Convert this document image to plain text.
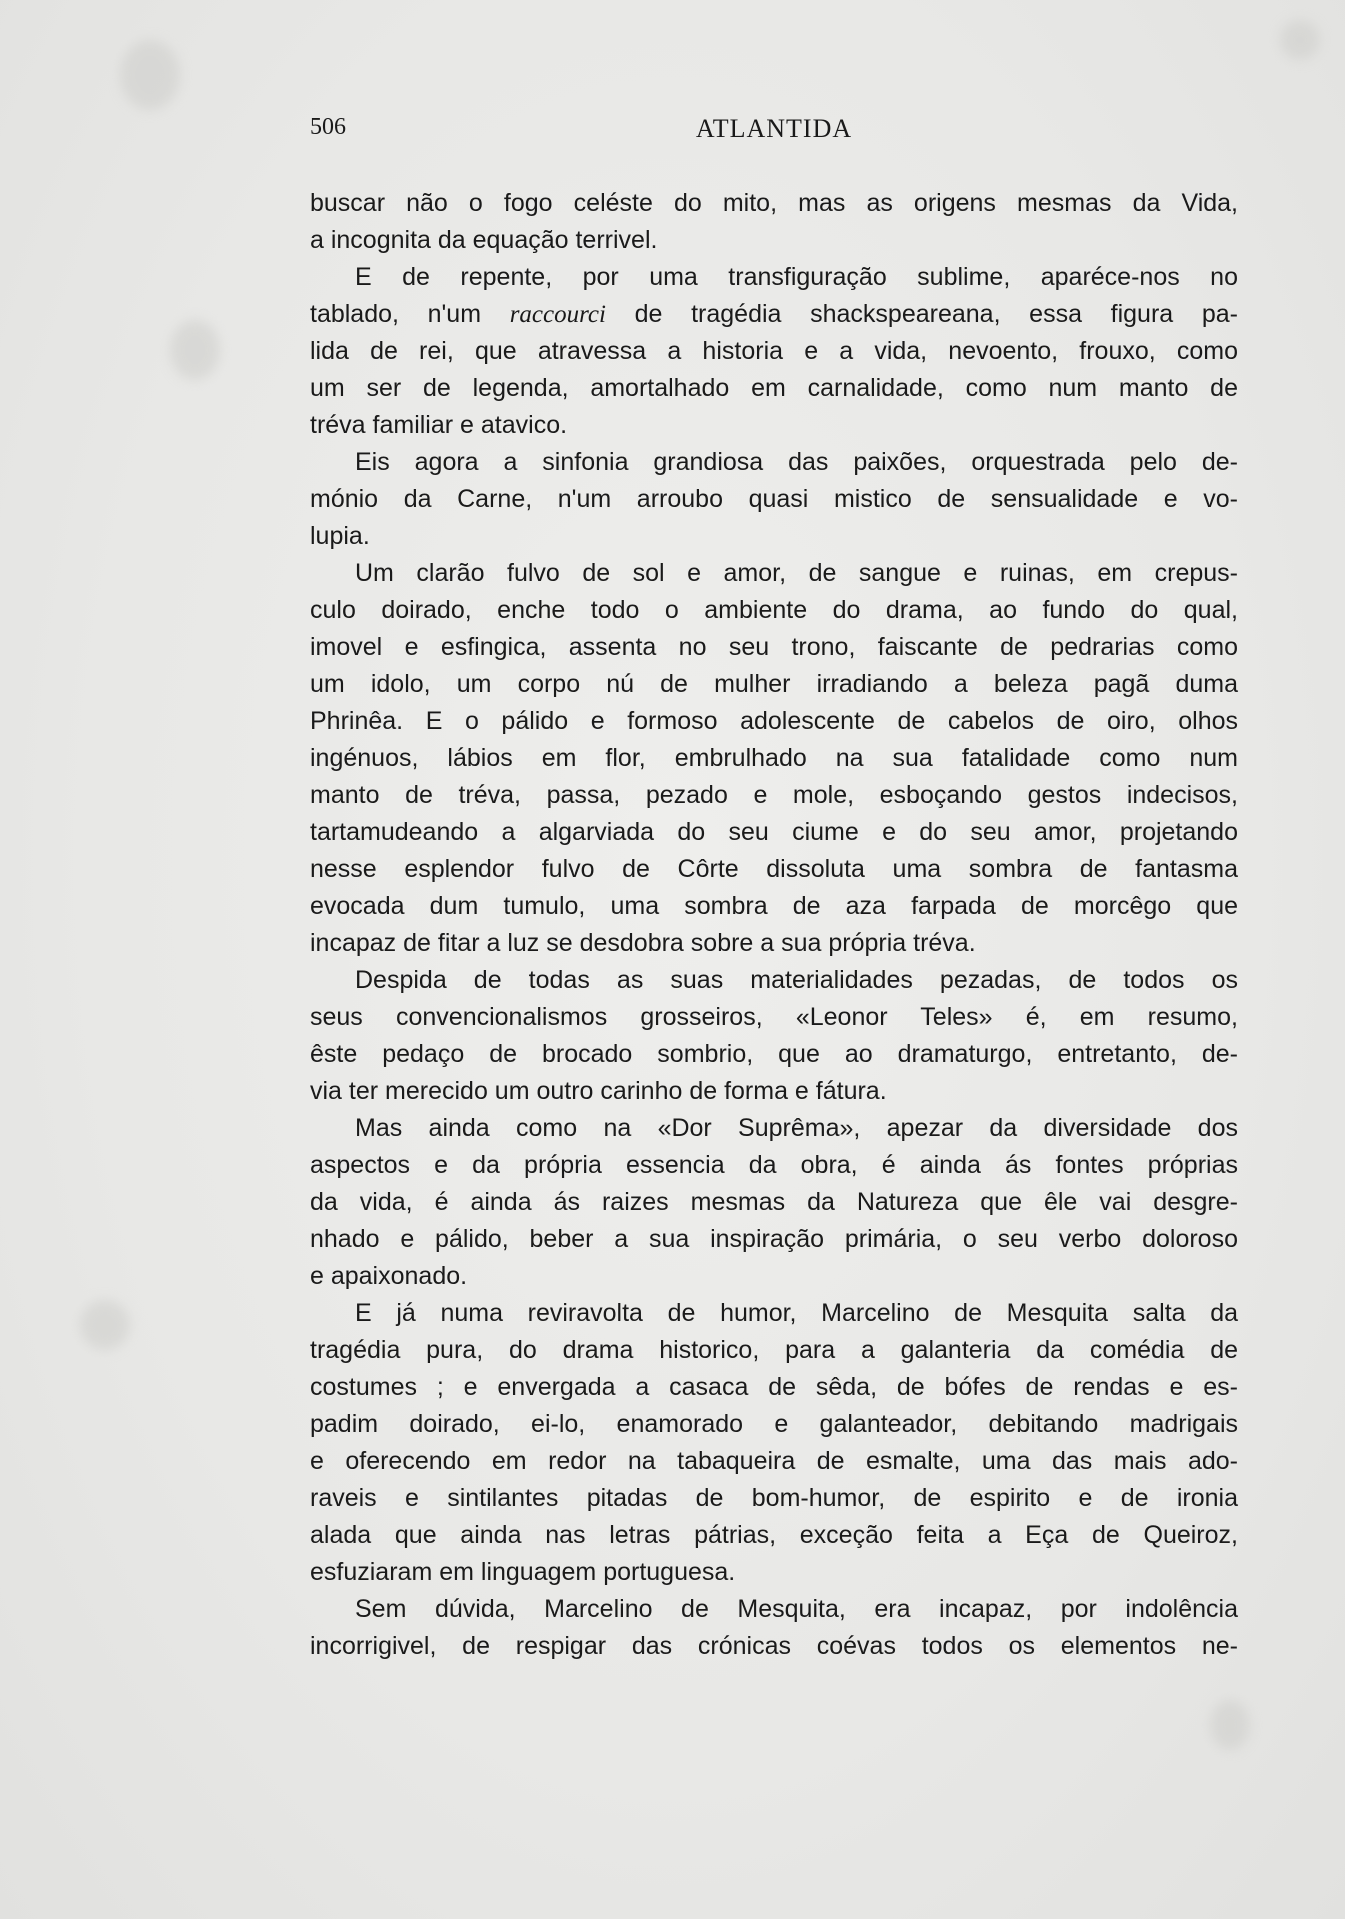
506	ATLANTIDA
buscar não o fogo celéste do mito, mas as origens mesmas da Vida,
a incognita da equação terrivel.
E de repente, por uma transfiguração sublime, aparéce-nos no
tablado, n'um raccourci de tragédia shackspeareana, essa figura pa-
lida de rei, que atravessa a historia e a vida, nevoento, frouxo, como
um ser de legenda, amortalhado em carnalidade, como num manto de
tréva familiar e atavico.
Eis agora a sinfonia grandiosa das paixões, orquestrada pelo de-
mónio da Carne, n'um arroubo quasi mistico de sensualidade e vo-
lupia.
Um clarão fulvo de sol e amor, de sangue e ruinas, em crepus-
culo doirado, enche todo o ambiente do drama, ao fundo do qual,
imovel e esfingica, assenta no seu trono, faiscante de pedrarias como
um idolo, um corpo nú de mulher irradiando a beleza pagã duma
Phrinêa. E o pálido e formoso adolescente de cabelos de oiro, olhos
ingénuos, lábios em flor, embrulhado na sua fatalidade como num
manto de tréva, passa, pezado e mole, esboçando gestos indecisos,
tartamudeando a algarviada do seu ciume e do seu amor, projetando
nesse esplendor fulvo de Côrte dissoluta uma sombra de fantasma
evocada dum tumulo, uma sombra de aza farpada de morcêgo que
incapaz de fitar a luz se desdobra sobre a sua própria tréva.
Despida de todas as suas materialidades pezadas, de todos os
seus convencionalismos grosseiros, «Leonor Teles» é, em resumo,
êste pedaço de brocado sombrio, que ao dramaturgo, entretanto, de-
via ter merecido um outro carinho de forma e fátura.
Mas ainda como na «Dor Suprêma», apezar da diversidade dos
aspectos e da própria essencia da obra, é ainda ás fontes próprias
da vida, é ainda ás raizes mesmas da Natureza que êle vai desgre-
nhado e pálido, beber a sua inspiração primária, o seu verbo doloroso
e apaixonado.
E já numa reviravolta de humor, Marcelino de Mesquita salta da
tragédia pura, do drama historico, para a galanteria da comédia de
costumes ; e envergada a casaca de sêda, de bófes de rendas e es-
padim doirado, ei-lo, enamorado e galanteador, debitando madrigais
e oferecendo em redor na tabaqueira de esmalte, uma das mais ado-
raveis e sintilantes pitadas de bom-humor, de espirito e de ironia
alada que ainda nas letras pátrias, exceção feita a Eça de Queiroz,
esfuziaram em linguagem portuguesa.
Sem dúvida, Marcelino de Mesquita, era incapaz, por indolência
incorrigivel, de respigar das crónicas coévas todos os elementos ne-
